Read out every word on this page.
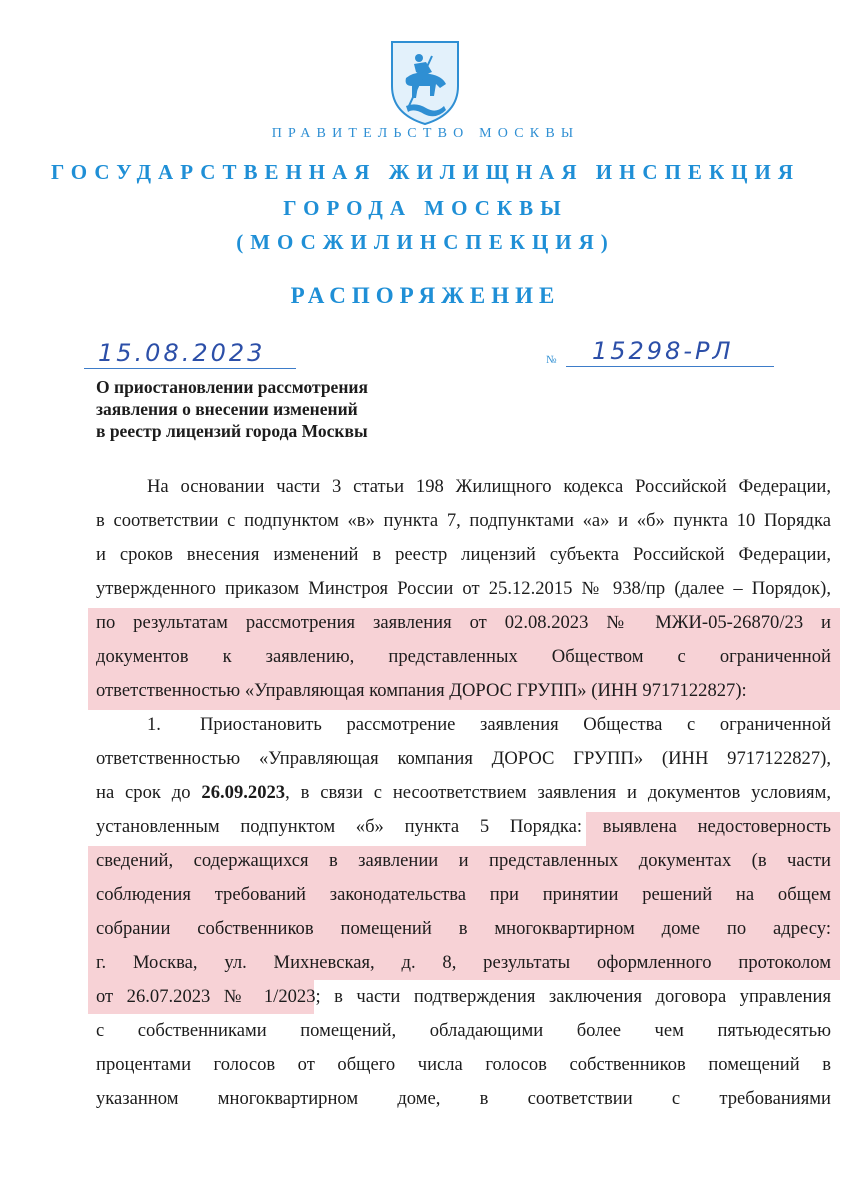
ПРАВИТЕЛЬСТВО МОСКВЫ
ГОСУДАРСТВЕННАЯ ЖИЛИЩНАЯ ИНСПЕКЦИЯ
ГОРОДА МОСКВЫ
(МОСЖИЛИНСПЕКЦИЯ)
РАСПОРЯЖЕНИЕ
15.08.2023	№ 15298-РЛ
О приостановлении рассмотрения
заявления о внесении изменений
в реестр лицензий города Москвы
На основании части 3 статьи 198 Жилищного кодекса Российской Федерации,
в соответствии с подпунктом «в» пункта 7, подпунктами «а» и «б» пункта 10 Порядка
и сроков внесения изменений в реестр лицензий субъекта Российской Федерации,
утвержденного приказом Минстроя России от 25.12.2015 № 938/пр (далее – Порядок),
по результатам рассмотрения заявления от 02.08.2023 № МЖИ-05-26870/23 и
документов к заявлению, представленных Обществом с ограниченной
ответственностью «Управляющая компания ДОРОС ГРУПП» (ИНН 9717122827):
1. Приостановить рассмотрение заявления Общества с ограниченной
ответственностью «Управляющая компания ДОРОС ГРУПП» (ИНН 9717122827),
на срок до 26.09.2023, в связи с несоответствием заявления и документов условиям,
установленным подпунктом «б» пункта 5 Порядка: выявлена недостоверность
сведений, содержащихся в заявлении и представленных документах (в части
соблюдения требований законодательства при принятии решений на общем
собрании собственников помещений в многоквартирном доме по адресу:
г. Москва, ул. Михневская, д. 8, результаты оформленного протоколом
от 26.07.2023 № 1/2023; в части подтверждения заключения договора управления
с собственниками помещений, обладающими более чем пятьюдесятью
процентами голосов от общего числа голосов собственников помещений в
указанном многоквартирном доме, в соответствии с требованиями
